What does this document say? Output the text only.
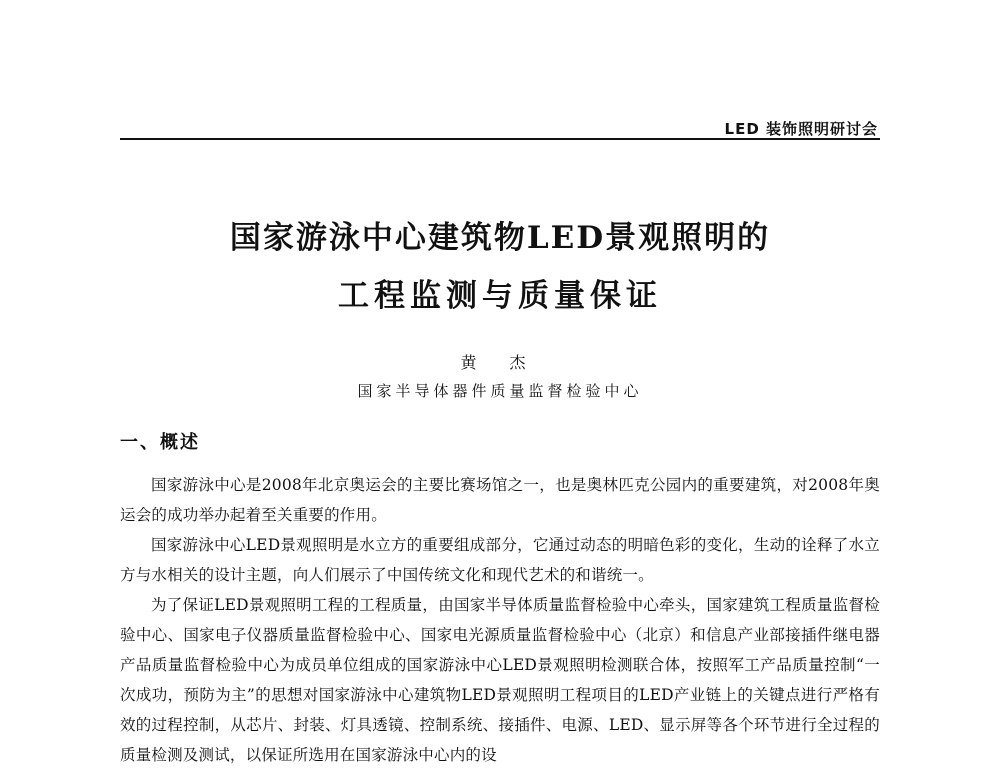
LED 装饰照明研讨会
国家游泳中心建筑物LED景观照明的
工程监测与质量保证
黄 杰
国家半导体器件质量监督检验中心
一、概述

国家游泳中心是2008年北京奥运会的主要比赛场馆之一，也是奥林匹克公园内的重要建筑，对2008年奥运会的成功举办起着至关重要的作用。

国家游泳中心LED景观照明是水立方的重要组成部分，它通过动态的明暗色彩的变化，生动的诠释了水立方与水相关的设计主题，向人们展示了中国传统文化和现代艺术的和谐统一。

为了保证LED景观照明工程的工程质量，由国家半导体质量监督检验中心牵头，国家建筑工程质量监督检验中心、国家电子仪器质量监督检验中心、国家电光源质量监督检验中心（北京）和信息产业部接插件继电器产品质量监督检验中心为成员单位组成的国家游泳中心LED景观照明检测联合体，按照军工产品质量控制“一次成功，预防为主”的思想对国家游泳中心建筑物LED景观照明工程项目的LED产业链上的关键点进行严格有效的过程控制，从芯片、封装、灯具透镜、控制系统、接插件、电源、LED、显示屏等各个环节进行全过程的质量检测及测试，以保证所选用在国家游泳中心内的设
